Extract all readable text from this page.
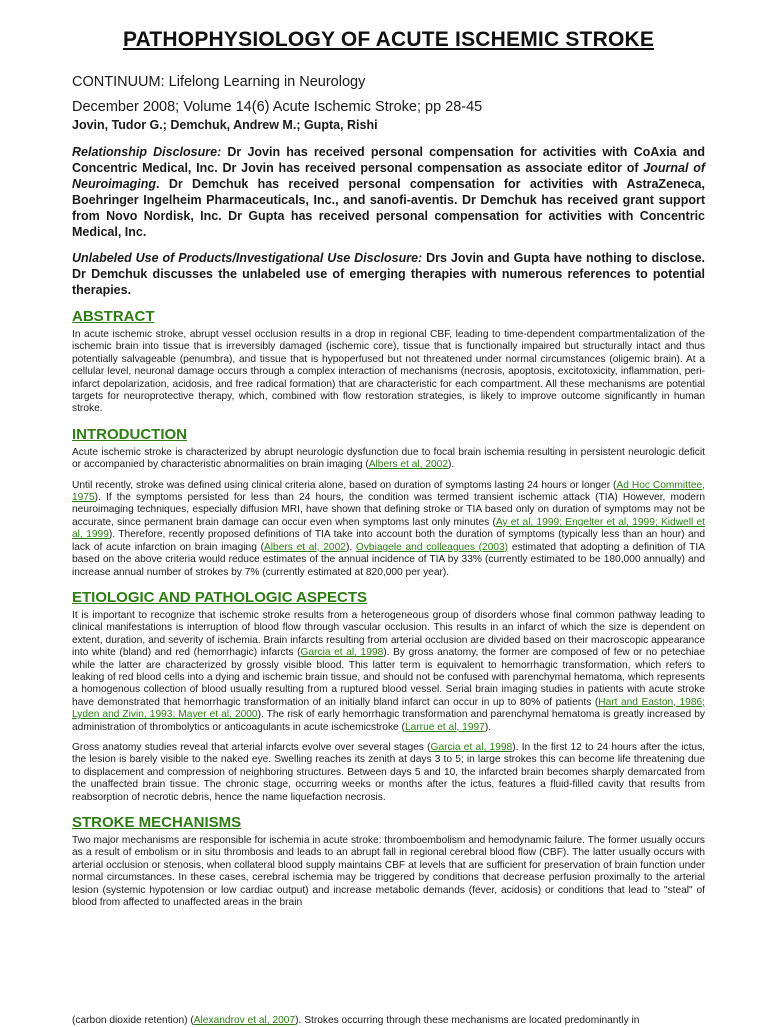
PATHOPHYSIOLOGY OF ACUTE ISCHEMIC STROKE

CONTINUUM: Lifelong Learning in Neurology

December 2008; Volume 14(6) Acute Ischemic Stroke; pp 28-45

Jovin, Tudor G.; Demchuk, Andrew M.; Gupta, Rishi

Relationship Disclosure: Dr Jovin has received personal compensation for activities with CoAxia and Concentric Medical, Inc. Dr Jovin has received personal compensation as associate editor of Journal of Neuroimaging. Dr Demchuk has received personal compensation for activities with AstraZeneca, Boehringer Ingelheim Pharmaceuticals, Inc., and sanofi-aventis. Dr Demchuk has received grant support from Novo Nordisk, Inc. Dr Gupta has received personal compensation for activities with Concentric Medical, Inc.

Unlabeled Use of Products/Investigational Use Disclosure: Drs Jovin and Gupta have nothing to disclose. Dr Demchuk discusses the unlabeled use of emerging therapies with numerous references to potential therapies.

ABSTRACT

In acute ischemic stroke, abrupt vessel occlusion results in a drop in regional CBF, leading to time-dependent compartmentalization of the ischemic brain into tissue that is irreversibly damaged (ischemic core), tissue that is functionally impaired but structurally intact and thus potentially salvageable (penumbra), and tissue that is hypoperfused but not threatened under normal circumstances (oligemic brain). At a cellular level, neuronal damage occurs through a complex interaction of mechanisms (necrosis, apoptosis, excitotoxicity, inflammation, peri-infarct depolarization, acidosis, and free radical formation) that are characteristic for each compartment. All these mechanisms are potential targets for neuroprotective therapy, which, combined with flow restoration strategies, is likely to improve outcome significantly in human stroke.

INTRODUCTION

Acute ischemic stroke is characterized by abrupt neurologic dysfunction due to focal brain ischemia resulting in persistent neurologic deficit or accompanied by characteristic abnormalities on brain imaging (Albers et al, 2002).

Until recently, stroke was defined using clinical criteria alone, based on duration of symptoms lasting 24 hours or longer (Ad Hoc Committee, 1975). If the symptoms persisted for less than 24 hours, the condition was termed transient ischemic attack (TIA) However, modern neuroimaging techniques, especially diffusion MRI, have shown that defining stroke or TIA based only on duration of symptoms may not be accurate, since permanent brain damage can occur even when symptoms last only minutes (Ay et al, 1999; Engelter et al, 1999; Kidwell et al, 1999). Therefore, recently proposed definitions of TIA take into account both the duration of symptoms (typically less than an hour) and lack of acute infarction on brain imaging (Albers et al, 2002). Ovbiagele and colleagues (2003) estimated that adopting a definition of TIA based on the above criteria would reduce estimates of the annual incidence of TIA by 33% (currently estimated to be 180,000 annually) and increase annual number of strokes by 7% (currently estimated at 820,000 per year).

ETIOLOGIC AND PATHOLOGIC ASPECTS

It is important to recognize that ischemic stroke results from a heterogeneous group of disorders whose final common pathway leading to clinical manifestations is interruption of blood flow through vascular occlusion. This results in an infarct of which the size is dependent on extent, duration, and severity of ischemia. Brain infarcts resulting from arterial occlusion are divided based on their macroscopic appearance into white (bland) and red (hemorrhagic) infarcts (Garcia et al, 1998). By gross anatomy, the former are composed of few or no petechiae while the latter are characterized by grossly visible blood. This latter term is equivalent to hemorrhagic transformation, which refers to leaking of red blood cells into a dying and ischemic brain tissue, and should not be confused with parenchymal hematoma, which represents a homogenous collection of blood usually resulting from a ruptured blood vessel. Serial brain imaging studies in patients with acute stroke have demonstrated that hemorrhagic transformation of an initially bland infarct can occur in up to 80% of patients (Hart and Easton, 1986; Lyden and Zivin, 1993; Mayer et al, 2000). The risk of early hemorrhagic transformation and parenchymal hematoma is greatly increased by administration of thrombolytics or anticoagulants in acute ischemicstroke (Larrue et al, 1997).

Gross anatomy studies reveal that arterial infarcts evolve over several stages (Garcia et al, 1998). In the first 12 to 24 hours after the ictus, the lesion is barely visible to the naked eye. Swelling reaches its zenith at days 3 to 5; in large strokes this can become life threatening due to displacement and compression of neighboring structures. Between days 5 and 10, the infarcted brain becomes sharply demarcated from the unaffected brain tissue. The chronic stage, occurring weeks or months after the ictus, features a fluid-filled cavity that results from reabsorption of necrotic debris, hence the name liquefaction necrosis.

STROKE MECHANISMS

Two major mechanisms are responsible for ischemia in acute stroke: thromboembolism and hemodynamic failure. The former usually occurs as a result of embolism or in situ thrombosis and leads to an abrupt fall in regional cerebral blood flow (CBF). The latter usually occurs with arterial occlusion or stenosis, when collateral blood supply maintains CBF at levels that are sufficient for preservation of brain function under normal circumstances. In these cases, cerebral ischemia may be triggered by conditions that decrease perfusion proximally to the arterial lesion (systemic hypotension or low cardiac output) and increase metabolic demands (fever, acidosis) or conditions that lead to "steal" of blood from affected to unaffected areas in the brain

(carbon dioxide retention) (Alexandrov et al, 2007). Strokes occurring through these mechanisms are located predominantly in
